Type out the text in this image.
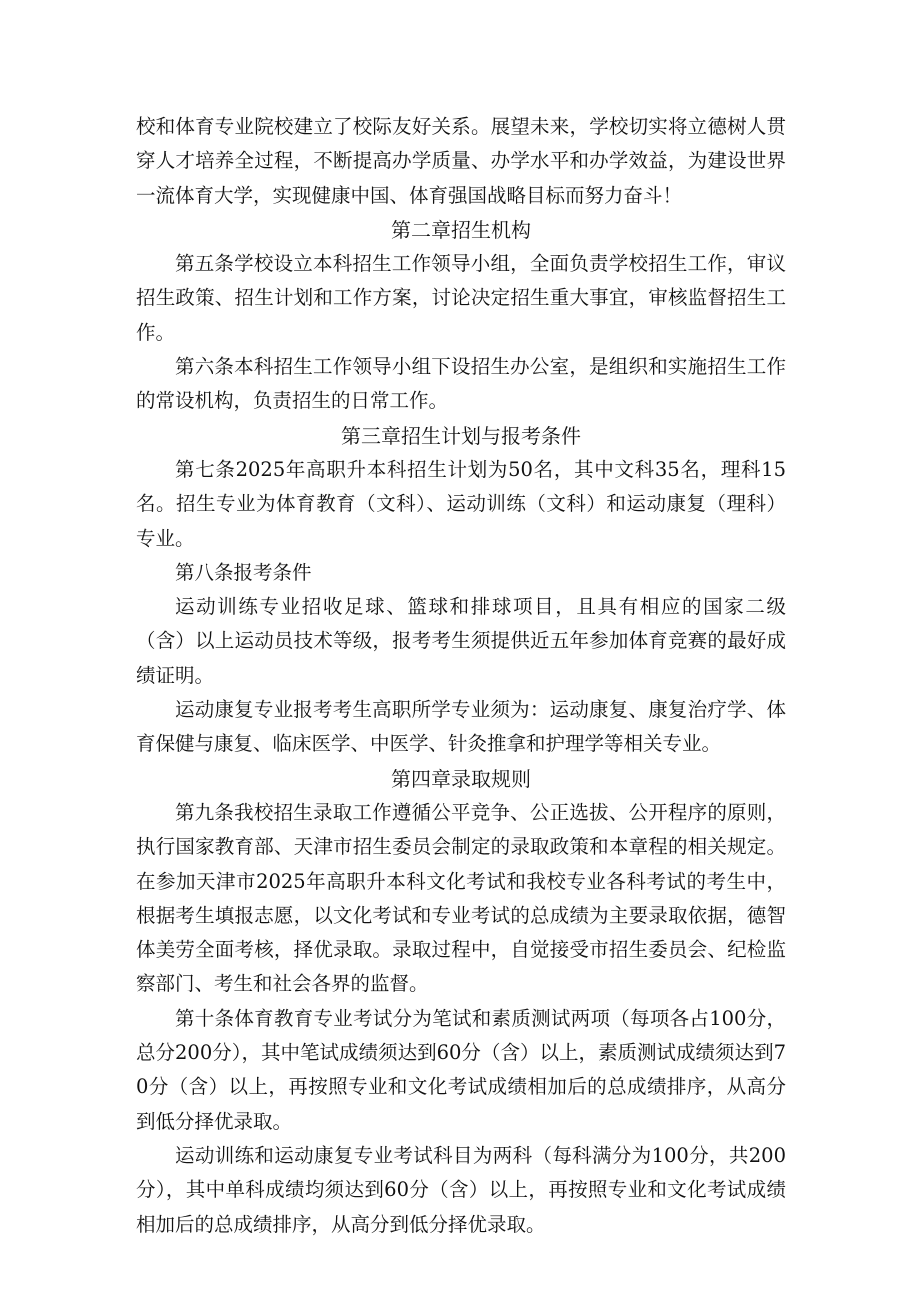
校和体育专业院校建立了校际友好关系。展望未来，学校切实将立德树人贯穿人才培养全过程，不断提高办学质量、办学水平和办学效益，为建设世界一流体育大学，实现健康中国、体育强国战略目标而努力奋斗！

第二章招生机构

第五条学校设立本科招生工作领导小组，全面负责学校招生工作，审议招生政策、招生计划和工作方案，讨论决定招生重大事宜，审核监督招生工作。

第六条本科招生工作领导小组下设招生办公室，是组织和实施招生工作的常设机构，负责招生的日常工作。

第三章招生计划与报考条件

第七条2025年高职升本科招生计划为50名，其中文科35名，理科15名。招生专业为体育教育（文科）、运动训练（文科）和运动康复（理科）专业。

第八条报考条件

运动训练专业招收足球、篮球和排球项目，且具有相应的国家二级（含）以上运动员技术等级，报考考生须提供近五年参加体育竞赛的最好成绩证明。

运动康复专业报考考生高职所学专业须为：运动康复、康复治疗学、体育保健与康复、临床医学、中医学、针灸推拿和护理学等相关专业。

第四章录取规则

第九条我校招生录取工作遵循公平竞争、公正选拔、公开程序的原则，执行国家教育部、天津市招生委员会制定的录取政策和本章程的相关规定。在参加天津市2025年高职升本科文化考试和我校专业各科考试的考生中，根据考生填报志愿，以文化考试和专业考试的总成绩为主要录取依据，德智体美劳全面考核，择优录取。录取过程中，自觉接受市招生委员会、纪检监察部门、考生和社会各界的监督。

第十条体育教育专业考试分为笔试和素质测试两项（每项各占100分，总分200分），其中笔试成绩须达到60分（含）以上，素质测试成绩须达到70分（含）以上，再按照专业和文化考试成绩相加后的总成绩排序，从高分到低分择优录取。

运动训练和运动康复专业考试科目为两科（每科满分为100分，共200分），其中单科成绩均须达到60分（含）以上，再按照专业和文化考试成绩相加后的总成绩排序，从高分到低分择优录取。
